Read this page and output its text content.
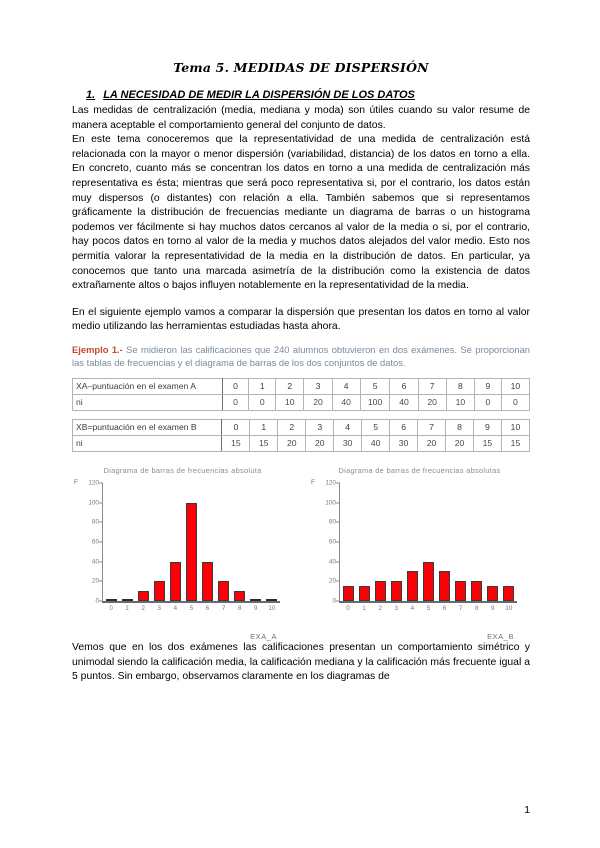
Tema 5. MEDIDAS DE DISPERSIÓN
1. LA NECESIDAD DE MEDIR LA DISPERSIÓN DE LOS DATOS

Las medidas de centralización (media, mediana y moda) son útiles cuando su valor resume de manera aceptable el comportamiento general del conjunto de datos.

En este tema conoceremos que la representatividad de una medida de centralización está relacionada con la mayor o menor dispersión (variabilidad, distancia) de los datos en torno a ella. En concreto, cuanto más se concentran los datos en torno a una medida de centralización más representativa es ésta; mientras que será poco representativa si, por el contrario, los datos están muy dispersos (o distantes) con relación a ella. También sabemos que si representamos gráficamente la distribución de frecuencias mediante un diagrama de barras o un histograma podemos ver fácilmente si hay muchos datos cercanos al valor de la media o si, por el contrario, hay pocos datos en torno al valor de la media y muchos datos alejados del valor medio. Esto nos permitía valorar la representatividad de la media en la distribución de datos. En particular, ya conocemos que tanto una marcada asimetría de la distribución como la existencia de datos extrañamente altos o bajos influyen notablemente en la representatividad de la media.

En el siguiente ejemplo vamos a comparar la dispersión que presentan los datos en torno al valor medio utilizando las herramientas estudiadas hasta ahora.

Ejemplo 1.- Se midieron las calificaciones que 240 alumnos obtuvieron en dos exámenes. Se proporcionan las tablas de frecuencias y el diagrama de barras de los dos conjuntos de datos.

XA–puntuación en el examen A	0	1	2	3	4	5	6	7	8	9	10
ni	0	0	10	20	40	100	40	20	10	0	0
XB=puntuación en el examen B	0	1	2	3	4	5	6	7	8	9	10
ni	15	15	20	20	30	40	30	20	20	15	15
Diagrama de barras de frecuencias absoluta
F
0
20
40
60
80
100
120
0	1	2	3	4	5	6	7	8	9	10
EXA_A
Diagrama de barras de frecuencias absolutas
F
0
20
40
60
80
100
120
0	1	2	3	4	5	6	7	8	9	10
EXA_B

Vemos que en los dos exámenes las calificaciones presentan un comportamiento simétrico y unimodal siendo la calificación media, la calificación mediana y la calificación más frecuente igual a 5 puntos. Sin embargo, observamos claramente en los diagramas de

1
